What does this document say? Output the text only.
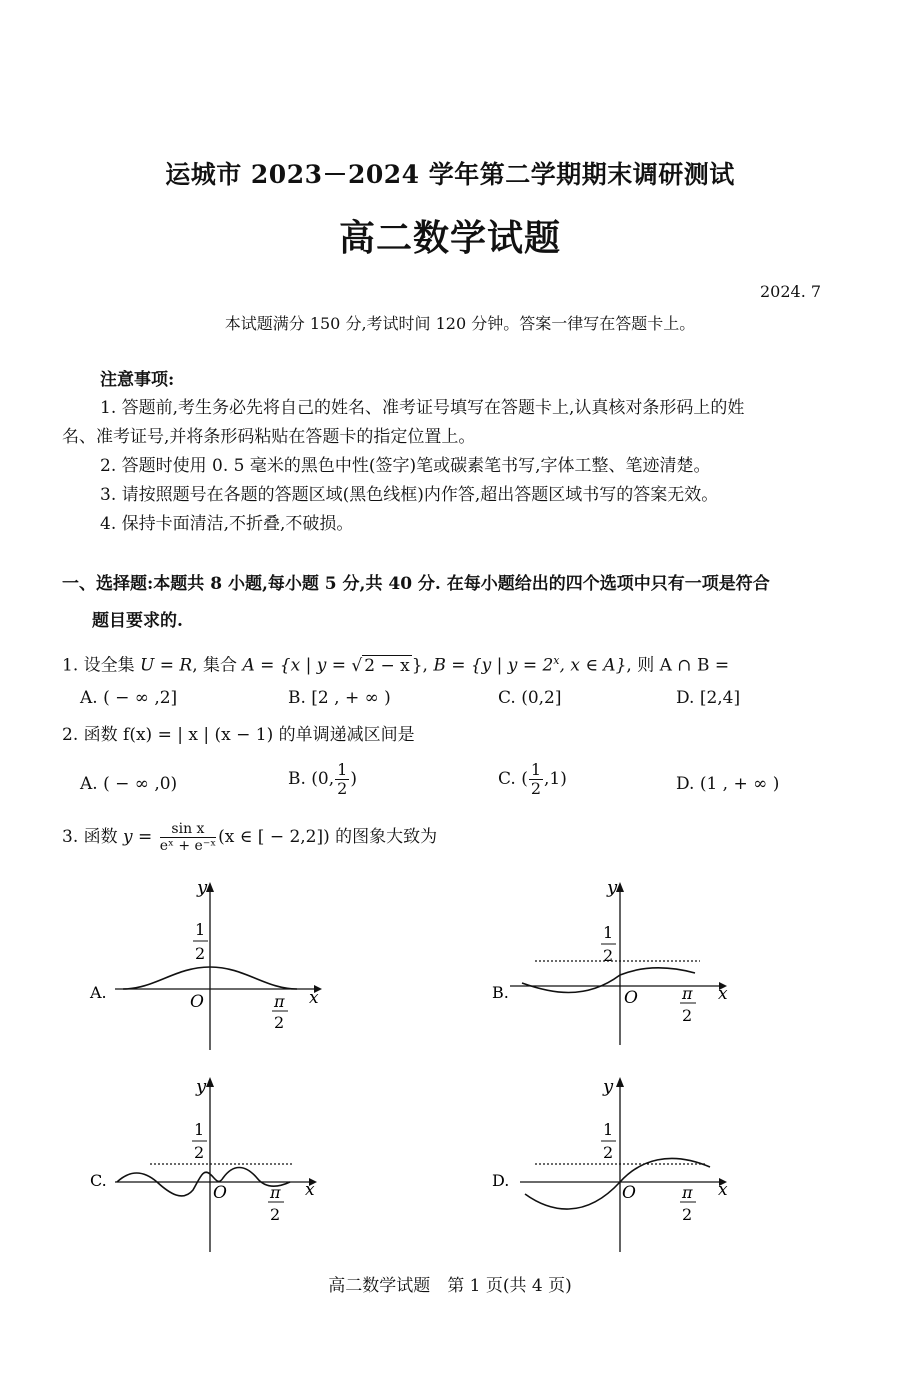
运城市 2023－2024 学年第二学期期末调研测试
高二数学试题
2024. 7
本试题满分 150 分,考试时间 120 分钟。答案一律写在答题卡上。
注意事项:
1. 答题前,考生务必先将自己的姓名、准考证号填写在答题卡上,认真核对条形码上的姓
名、准考证号,并将条形码粘贴在答题卡的指定位置上。
2. 答题时使用 0. 5 毫米的黑色中性(签字)笔或碳素笔书写,字体工整、笔迹清楚。
3. 请按照题号在各题的答题区域(黑色线框)内作答,超出答题区域书写的答案无效。
4. 保持卡面清洁,不折叠,不破损。
一、选择题:本题共 8 小题,每小题 5 分,共 40 分. 在每小题给出的四个选项中只有一项是符合
题目要求的.
1. 设全集 U = R, 集合 A = {x | y = √ 2 − x }, B = {y | $y = 2^x$, x ∈ A}, 则 A ∩ B =
A. ( − ∞ ,2]	B. [2 , + ∞ )	C. (0,2]	D. [2,4]
2. 函数 f(x) = | x | (x − 1) 的单调递减区间是
A. ( − ∞ ,0)	B. (0, $\frac{1}{2}$ )	C. ( $\frac{1}{2} ,1$)	D. (1 , + ∞ )
3. 函数 $y = \frac{\text{sin x}}{\text{eˣ + e⁻ˣ}} (x$ ∈ [ − 2,2]) 的图象大致为
A.
y
x
O
1
2
π
2
B.
y
x
O
1
2
π
2
C.
y
x
O
1
2
π
2
D.
y
x
O
1
2
π
2
高二数学试题　第 1 页(共 4 页)
